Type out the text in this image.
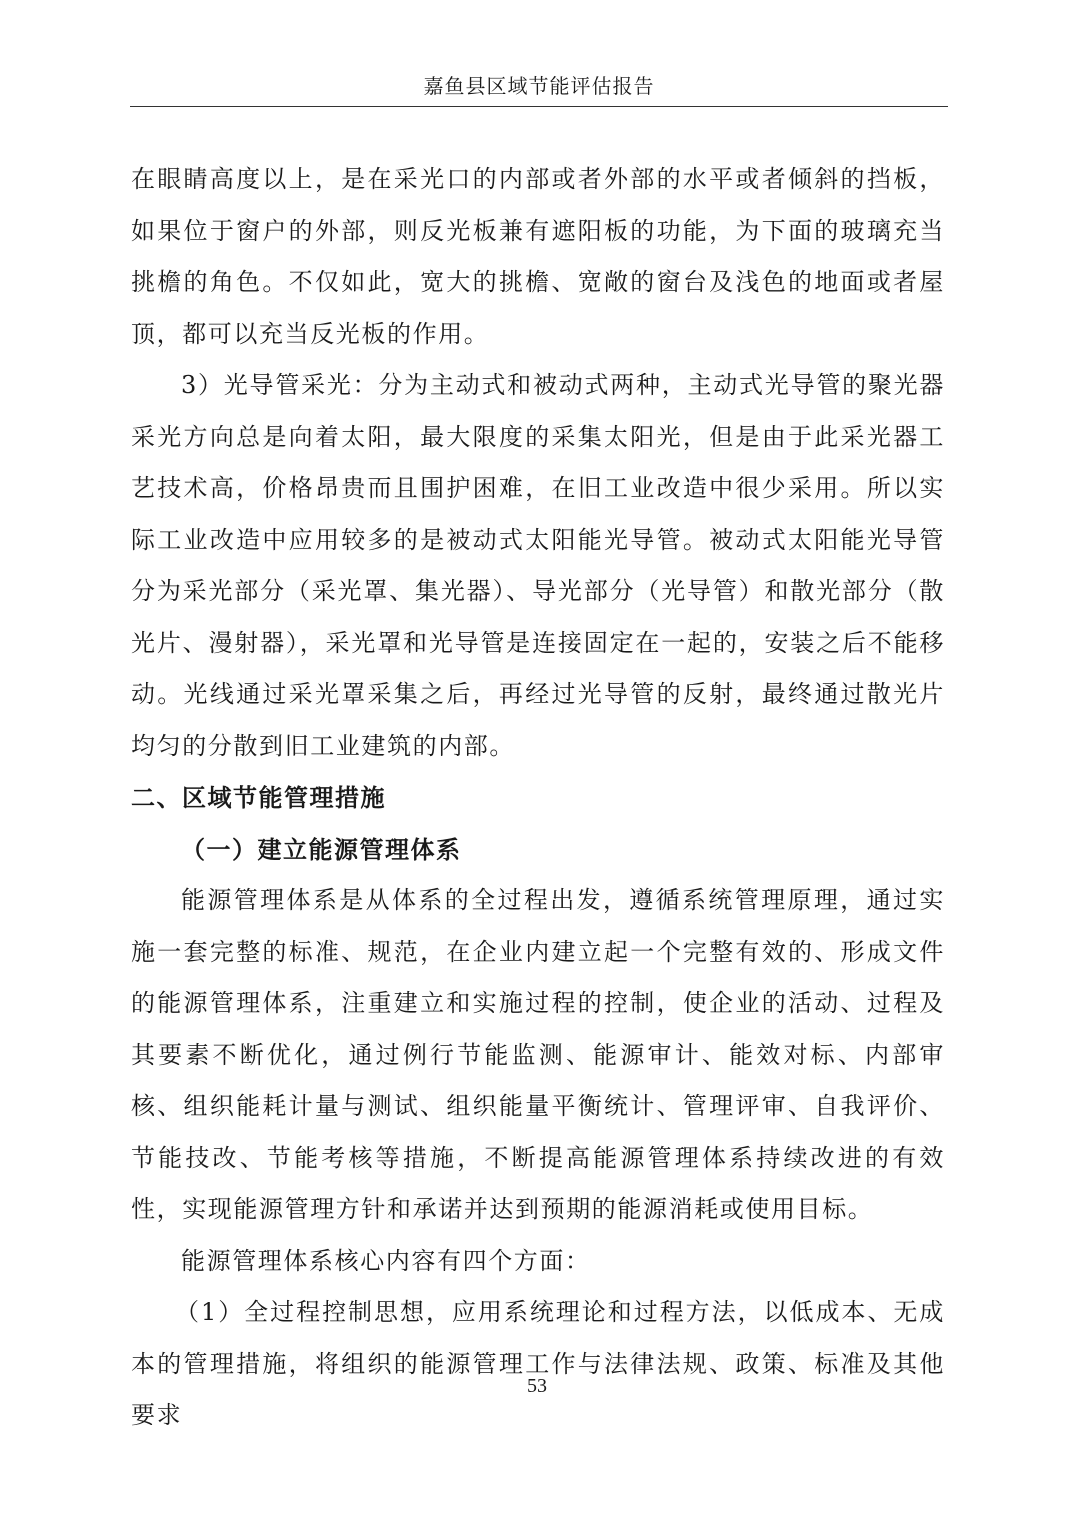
嘉鱼县区域节能评估报告

在眼睛高度以上，是在采光口的内部或者外部的水平或者倾斜的挡板，如果位于窗户的外部，则反光板兼有遮阳板的功能，为下面的玻璃充当挑檐的角色。不仅如此，宽大的挑檐、宽敞的窗台及浅色的地面或者屋顶，都可以充当反光板的作用。

3）光导管采光：分为主动式和被动式两种，主动式光导管的聚光器采光方向总是向着太阳，最大限度的采集太阳光，但是由于此采光器工艺技术高，价格昂贵而且围护困难，在旧工业改造中很少采用。所以实际工业改造中应用较多的是被动式太阳能光导管。被动式太阳能光导管分为采光部分（采光罩、集光器）、导光部分（光导管）和散光部分（散光片、漫射器），采光罩和光导管是连接固定在一起的，安装之后不能移动。光线通过采光罩采集之后，再经过光导管的反射，最终通过散光片均匀的分散到旧工业建筑的内部。

二、区域节能管理措施

（一）建立能源管理体系

能源管理体系是从体系的全过程出发，遵循系统管理原理，通过实施一套完整的标准、规范，在企业内建立起一个完整有效的、形成文件的能源管理体系，注重建立和实施过程的控制，使企业的活动、过程及其要素不断优化，通过例行节能监测、能源审计、能效对标、内部审核、组织能耗计量与测试、组织能量平衡统计、管理评审、自我评价、节能技改、节能考核等措施，不断提高能源管理体系持续改进的有效性，实现能源管理方针和承诺并达到预期的能源消耗或使用目标。

能源管理体系核心内容有四个方面：

（1）全过程控制思想，应用系统理论和过程方法，以低成本、无成本的管理措施，将组织的能源管理工作与法律法规、政策、标准及其他要求

53
